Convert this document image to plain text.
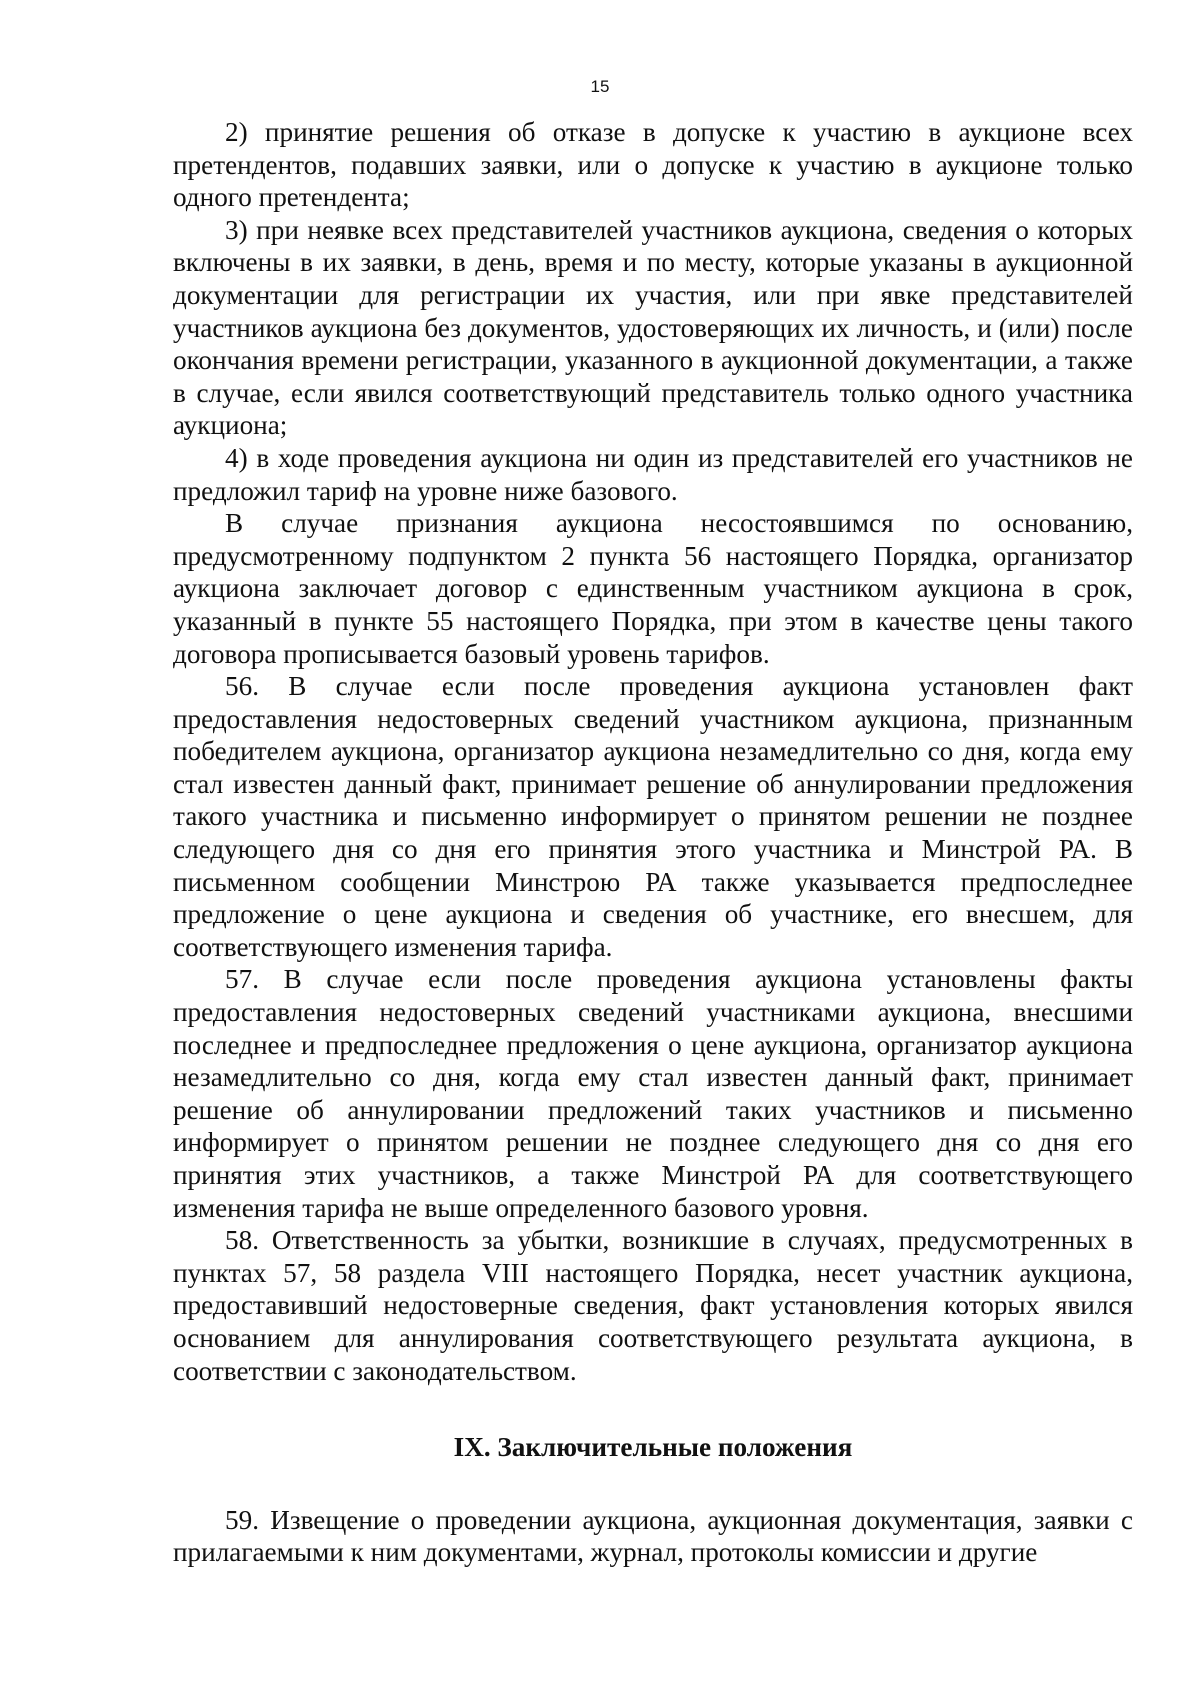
15

2) принятие решения об отказе в допуске к участию в аукционе всех претендентов, подавших заявки, или о допуске к участию в аукционе только одного претендента;

3) при неявке всех представителей участников аукциона, сведения о которых включены в их заявки, в день, время и по месту, которые указаны в аукционной документации для регистрации их участия, или при явке представителей участников аукциона без документов, удостоверяющих их личность, и (или) после окончания времени регистрации, указанного в аукционной документации, а также в случае, если явился соответствующий представитель только одного участника аукциона;

4) в ходе проведения аукциона ни один из представителей его участников не предложил тариф на уровне ниже базового.

В случае признания аукциона несостоявшимся по основанию, предусмотренному подпунктом 2 пункта 56 настоящего Порядка, организатор аукциона заключает договор с единственным участником аукциона в срок, указанный в пункте 55 настоящего Порядка, при этом в качестве цены такого договора прописывается базовый уровень тарифов.

56. В случае если после проведения аукциона установлен факт предоставления недостоверных сведений участником аукциона, признанным победителем аукциона, организатор аукциона незамедлительно со дня, когда ему стал известен данный факт, принимает решение об аннулировании предложения такого участника и письменно информирует о принятом решении не позднее следующего дня со дня его принятия этого участника и Минстрой РА. В письменном сообщении Минстрою РА также указывается предпоследнее предложение о цене аукциона и сведения об участнике, его внесшем, для соответствующего изменения тарифа.

57. В случае если после проведения аукциона установлены факты предоставления недостоверных сведений участниками аукциона, внесшими последнее и предпоследнее предложения о цене аукциона, организатор аукциона незамедлительно со дня, когда ему стал известен данный факт, принимает решение об аннулировании предложений таких участников и письменно информирует о принятом решении не позднее следующего дня со дня его принятия этих участников, а также Минстрой РА для соответствующего изменения тарифа не выше определенного базового уровня.

58. Ответственность за убытки, возникшие в случаях, предусмотренных в пунктах 57, 58 раздела VIII настоящего Порядка, несет участник аукциона, предоставивший недостоверные сведения, факт установления которых явился основанием для аннулирования соответствующего результата аукциона, в соответствии с законодательством.

IX. Заключительные положения

59. Извещение о проведении аукциона, аукционная документация, заявки с прилагаемыми к ним документами, журнал, протоколы комиссии и другие
